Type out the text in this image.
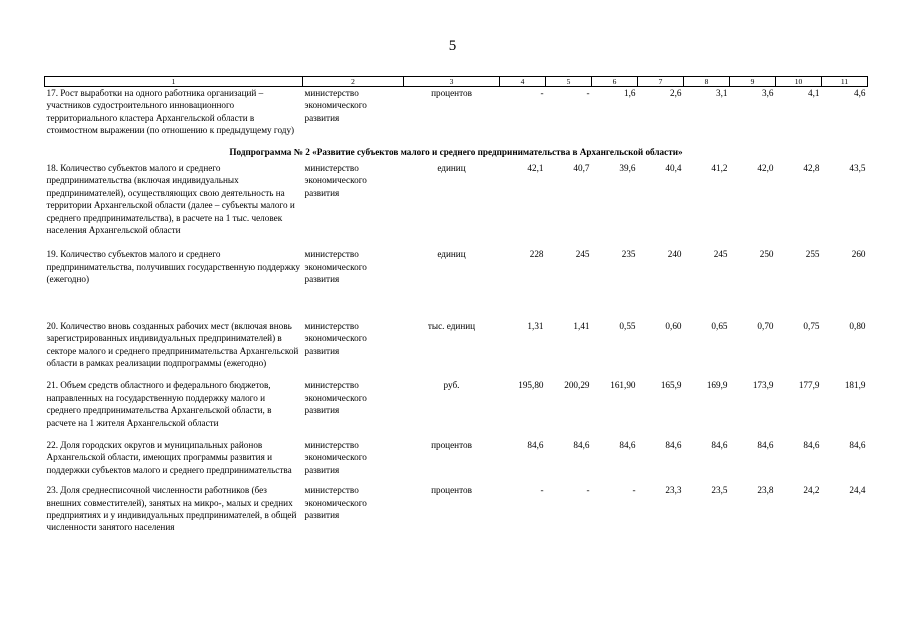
5
1	2	3	4	5	6	7	8	9	10	11
17. Рост выработки на одного работника организаций – участников судостроительного инновационного территориального кластера Архангельской области в стоимостном выражении (по отношению к предыдущему году)	министерство экономического развития	процентов	-	-	1,6	2,6	3,1	3,6	4,1	4,6
Подпрограмма № 2 «Развитие субъектов малого и среднего предпринимательства в Архангельской области»										
18. Количество субъектов малого и среднего предпринимательства (включая индивидуальных предпринимателей), осуществляющих свою деятельность на территории Архангельской области (далее – субъекты малого и среднего предпринимательства), в расчете на 1 тыс. человек населения Архангельской области	министерство экономического развития	единиц	42,1	40,7	39,6	40,4	41,2	42,0	42,8	43,5
19. Количество субъектов малого и среднего предпринимательства, получивших государственную поддержку (ежегодно)	министерство экономического развития	единиц	228	245	235	240	245	250	255	260
20. Количество вновь созданных рабочих мест (включая вновь зарегистрированных индивидуальных предпринимателей) в секторе малого и среднего предпринимательства Архангельской области в рамках реализации подпрограммы (ежегодно)	министерство экономического развития	тыс. единиц	1,31	1,41	0,55	0,60	0,65	0,70	0,75	0,80
21. Объем средств областного и федерального бюджетов, направленных на государственную поддержку малого и среднего предпринимательства Архангельской области, в расчете на 1 жителя Архангельской области	министерство экономического развития	руб.	195,80	200,29	161,90	165,9	169,9	173,9	177,9	181,9
22. Доля городских округов и муниципальных районов Архангельской области, имеющих программы развития и поддержки субъектов малого и среднего предпринимательства	министерство экономического развития	процентов	84,6	84,6	84,6	84,6	84,6	84,6	84,6	84,6
23. Доля среднесписочной численности работников (без внешних совместителей), занятых на микро-, малых и средних предприятиях и у индивидуальных предпринимателей, в общей численности занятого населения	министерство экономического развития	процентов	-	-	-	23,3	23,5	23,8	24,2	24,4
